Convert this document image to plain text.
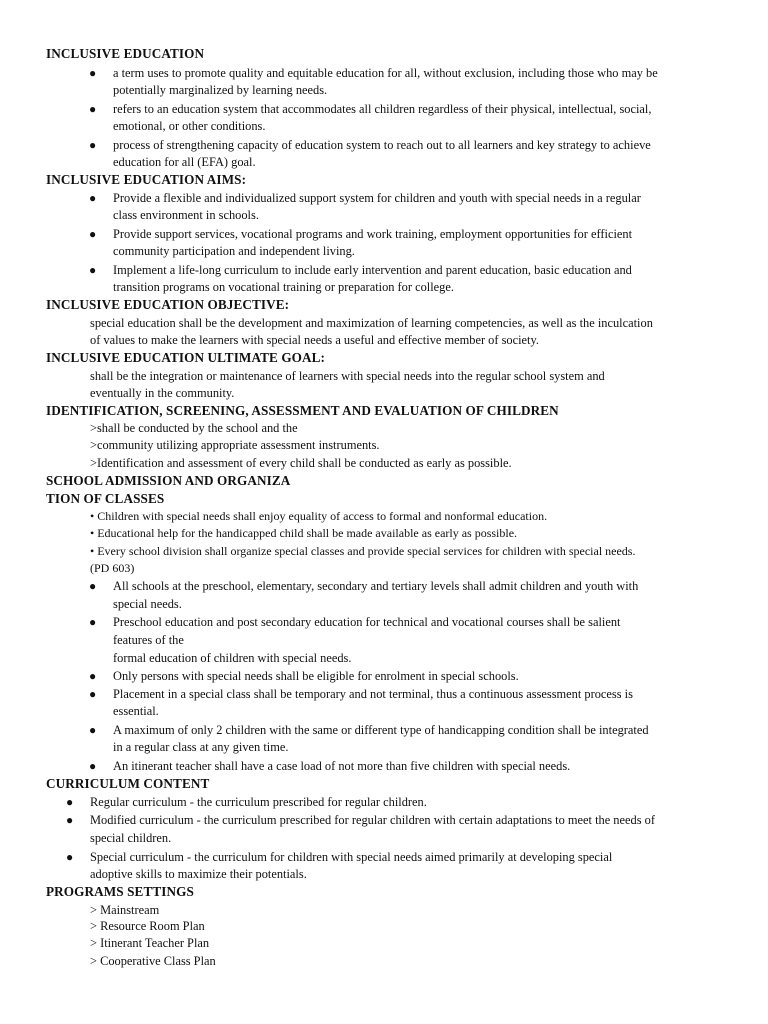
INCLUSIVE EDUCATION
● a term uses to promote quality and equitable education for all, without exclusion, including those who may be
potentially marginalized by learning needs.
● refers to an education system that accommodates all children regardless of their physical, intellectual, social,
emotional, or other conditions.
● process of strengthening capacity of education system to reach out to all learners and key strategy to achieve
education for all (EFA) goal.
INCLUSIVE EDUCATION AIMS:
● Provide a flexible and individualized support system for children and youth with special needs in a regular
class environment in schools.
● Provide support services, vocational programs and work training, employment opportunities for efficient
community participation and independent living.
● Implement a life-long curriculum to include early intervention and parent education, basic education and
transition programs on vocational training or preparation for college.
INCLUSIVE EDUCATION OBJECTIVE:
special education shall be the development and maximization of learning competencies, as well as the inculcation
of values to make the learners with special needs a useful and effective member of society.
INCLUSIVE EDUCATION ULTIMATE GOAL:
shall be the integration or maintenance of learners with special needs into the regular school system and
eventually in the community.
IDENTIFICATION, SCREENING, ASSESSMENT AND EVALUATION OF CHILDREN
>shall be conducted by the school and the
>community utilizing appropriate assessment instruments.
>Identification and assessment of every child shall be conducted as early as possible.
SCHOOL ADMISSION AND ORGANIZA
TION OF CLASSES
• Children with special needs shall enjoy equality of access to formal and nonformal education.
• Educational help for the handicapped child shall be made available as early as possible.
• Every school division shall organize special classes and provide special services for children with special needs.
(PD 603)
● All schools at the preschool, elementary, secondary and tertiary levels shall admit children and youth with
special needs.
● Preschool education and post secondary education for technical and vocational courses shall be salient
features of the
formal education of children with special needs.
● Only persons with special needs shall be eligible for enrolment in special schools.
● Placement in a special class shall be temporary and not terminal, thus a continuous assessment process is
essential.
● A maximum of only 2 children with the same or different type of handicapping condition shall be integrated
in a regular class at any given time.
● An itinerant teacher shall have a case load of not more than five children with special needs.
CURRICULUM CONTENT
● Regular curriculum - the curriculum prescribed for regular children.
● Modified curriculum - the curriculum prescribed for regular children with certain adaptations to meet the needs of
special children.
● Special curriculum - the curriculum for children with special needs aimed primarily at developing special
adoptive skills to maximize their potentials.
PROGRAMS SETTINGS
> Mainstream
> Resource Room Plan
> Itinerant Teacher Plan
> Cooperative Class Plan
